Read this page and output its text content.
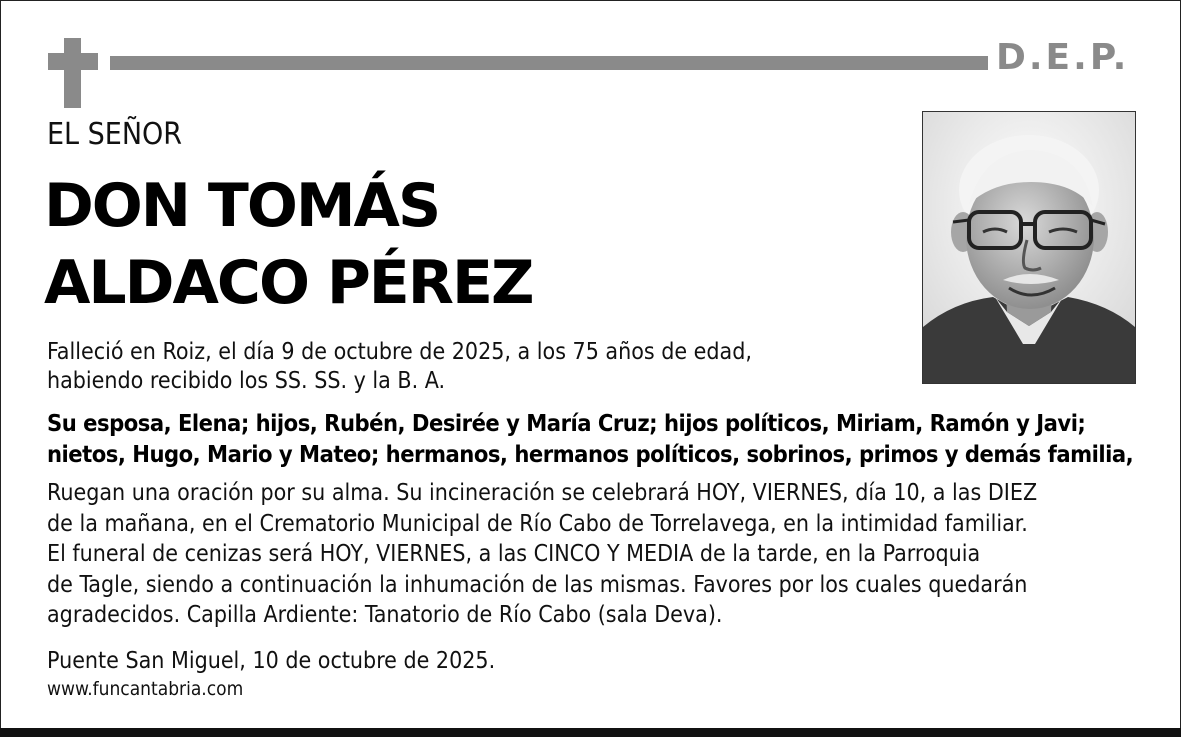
D.E.P.
EL SEÑOR
DON TOMÁS
ALDACO PÉREZ
Falleció en Roiz, el día 9 de octubre de 2025, a los 75 años de edad,
habiendo recibido los SS. SS. y la B. A.
Su esposa, Elena; hijos, Rubén, Desirée y María Cruz; hijos políticos, Miriam, Ramón y Javi;
nietos, Hugo, Mario y Mateo; hermanos, hermanos políticos, sobrinos, primos y demás familia,
Ruegan una oración por su alma. Su incineración se celebrará HOY, VIERNES, día 10, a las DIEZ
de la mañana, en el Crematorio Municipal de Río Cabo de Torrelavega, en la intimidad familiar.
El funeral de cenizas será HOY, VIERNES, a las CINCO Y MEDIA de la tarde, en la Parroquia
de Tagle, siendo a continuación la inhumación de las mismas. Favores por los cuales quedarán
agradecidos. Capilla Ardiente: Tanatorio de Río Cabo (sala Deva).
Puente San Miguel, 10 de octubre de 2025.
www.funcantabria.com
